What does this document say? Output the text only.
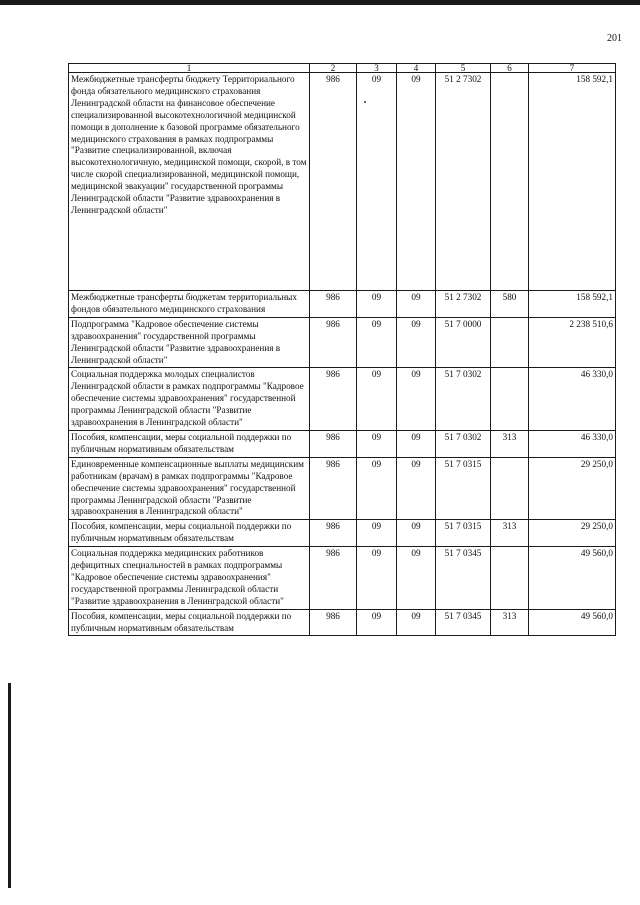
201
1	2	3	4	5	6	7
Межбюджетные трансферты бюджету Территориального фонда обязательного медицинского страхования Ленинградской области на финансовое обеспечение специализированной высокотехнологичной медицинской помощи в дополнение к базовой программе обязательного медицинского страхования в рамках подпрограммы "Развитие специализированной, включая высокотехнологичную, медицинской помощи, скорой, в том числе скорой специализированной, медицинской помощи, медицинской эвакуации" государственной программы Ленинградской области "Развитие здравоохранения в Ленинградской области"	986	09	09	51 2 7302		158 592,1
Межбюджетные трансферты бюджетам территориальных фондов обязательного медицинского страхования	986	09	09	51 2 7302	580	158 592,1
Подпрограмма "Кадровое обеспечение системы здравоохранения" государственной программы Ленинградской области "Развитие здравоохранения в Ленинградской области"	986	09	09	51 7 0000		2 238 510,6
Социальная поддержка молодых специалистов Ленинградской области в рамках подпрограммы "Кадровое обеспечение системы здравоохранения" государственной программы Ленинградской области "Развитие здравоохранения в Ленинградской области"	986	09	09	51 7 0302		46 330,0
Пособия, компенсации, меры социальной поддержки по публичным нормативным обязательствам	986	09	09	51 7 0302	313	46 330,0
Единовременные компенсационные выплаты медицинским работникам (врачам) в рамках подпрограммы "Кадровое обеспечение системы здравоохранения" государственной программы Ленинградской области "Развитие здравоохранения в Ленинградской области"	986	09	09	51 7 0315		29 250,0
Пособия, компенсации, меры социальной поддержки по публичным нормативным обязательствам	986	09	09	51 7 0315	313	29 250,0
Социальная поддержка медицинских работников дефицитных специальностей в рамках подпрограммы "Кадровое обеспечение системы здравоохранения" государственной программы Ленинградской области "Развитие здравоохранения в Ленинградской области"	986	09	09	51 7 0345		49 560,0
Пособия, компенсации, меры социальной поддержки по публичным нормативным обязательствам	986	09	09	51 7 0345	313	49 560,0
